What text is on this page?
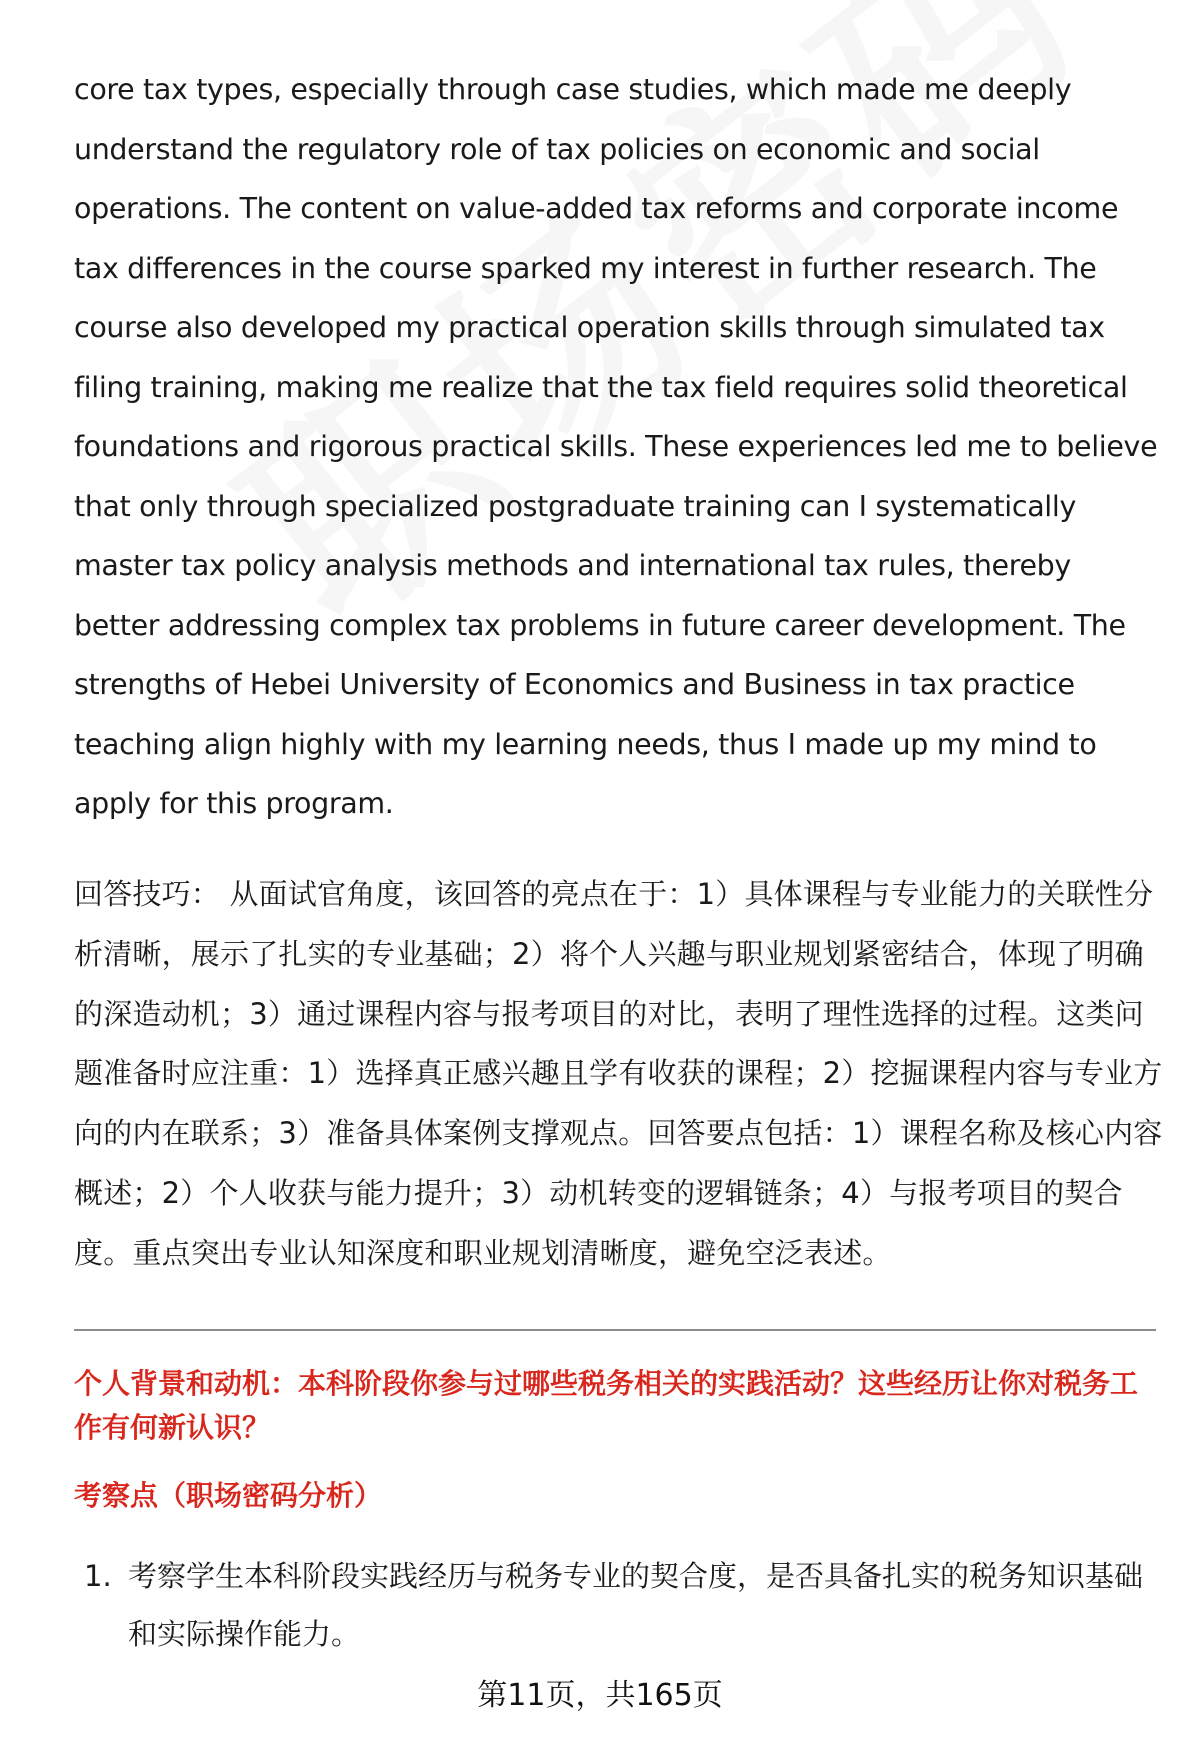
core tax types, especially through case studies, which made me deeply understand the regulatory role of tax policies on economic and social operations. The content on value-added tax reforms and corporate income tax differences in the course sparked my interest in further research. The course also developed my practical operation skills through simulated tax filing training, making me realize that the tax field requires solid theoretical foundations and rigorous practical skills. These experiences led me to believe that only through specialized postgraduate training can I systematically master tax policy analysis methods and international tax rules, thereby better addressing complex tax problems in future career development. The strengths of Hebei University of Economics and Business in tax practice teaching align highly with my learning needs, thus I made up my mind to apply for this program.

回答技巧： 从面试官角度，该回答的亮点在于：1）具体课程与专业能力的关联性分析清晰，展示了扎实的专业基础；2）将个人兴趣与职业规划紧密结合，体现了明确的深造动机；3）通过课程内容与报考项目的对比，表明了理性选择的过程。这类问题准备时应注重：1）选择真正感兴趣且学有收获的课程；2）挖掘课程内容与专业方向的内在联系；3）准备具体案例支撑观点。回答要点包括：1）课程名称及核心内容概述；2）个人收获与能力提升；3）动机转变的逻辑链条；4）与报考项目的契合度。重点突出专业认知深度和职业规划清晰度，避免空泛表述。

个人背景和动机：本科阶段你参与过哪些税务相关的实践活动？这些经历让你对税务工作有何新认识？

考察点（职场密码分析）

1. 考察学生本科阶段实践经历与税务专业的契合度，是否具备扎实的税务知识基础和实际操作能力。
第11页，共165页
